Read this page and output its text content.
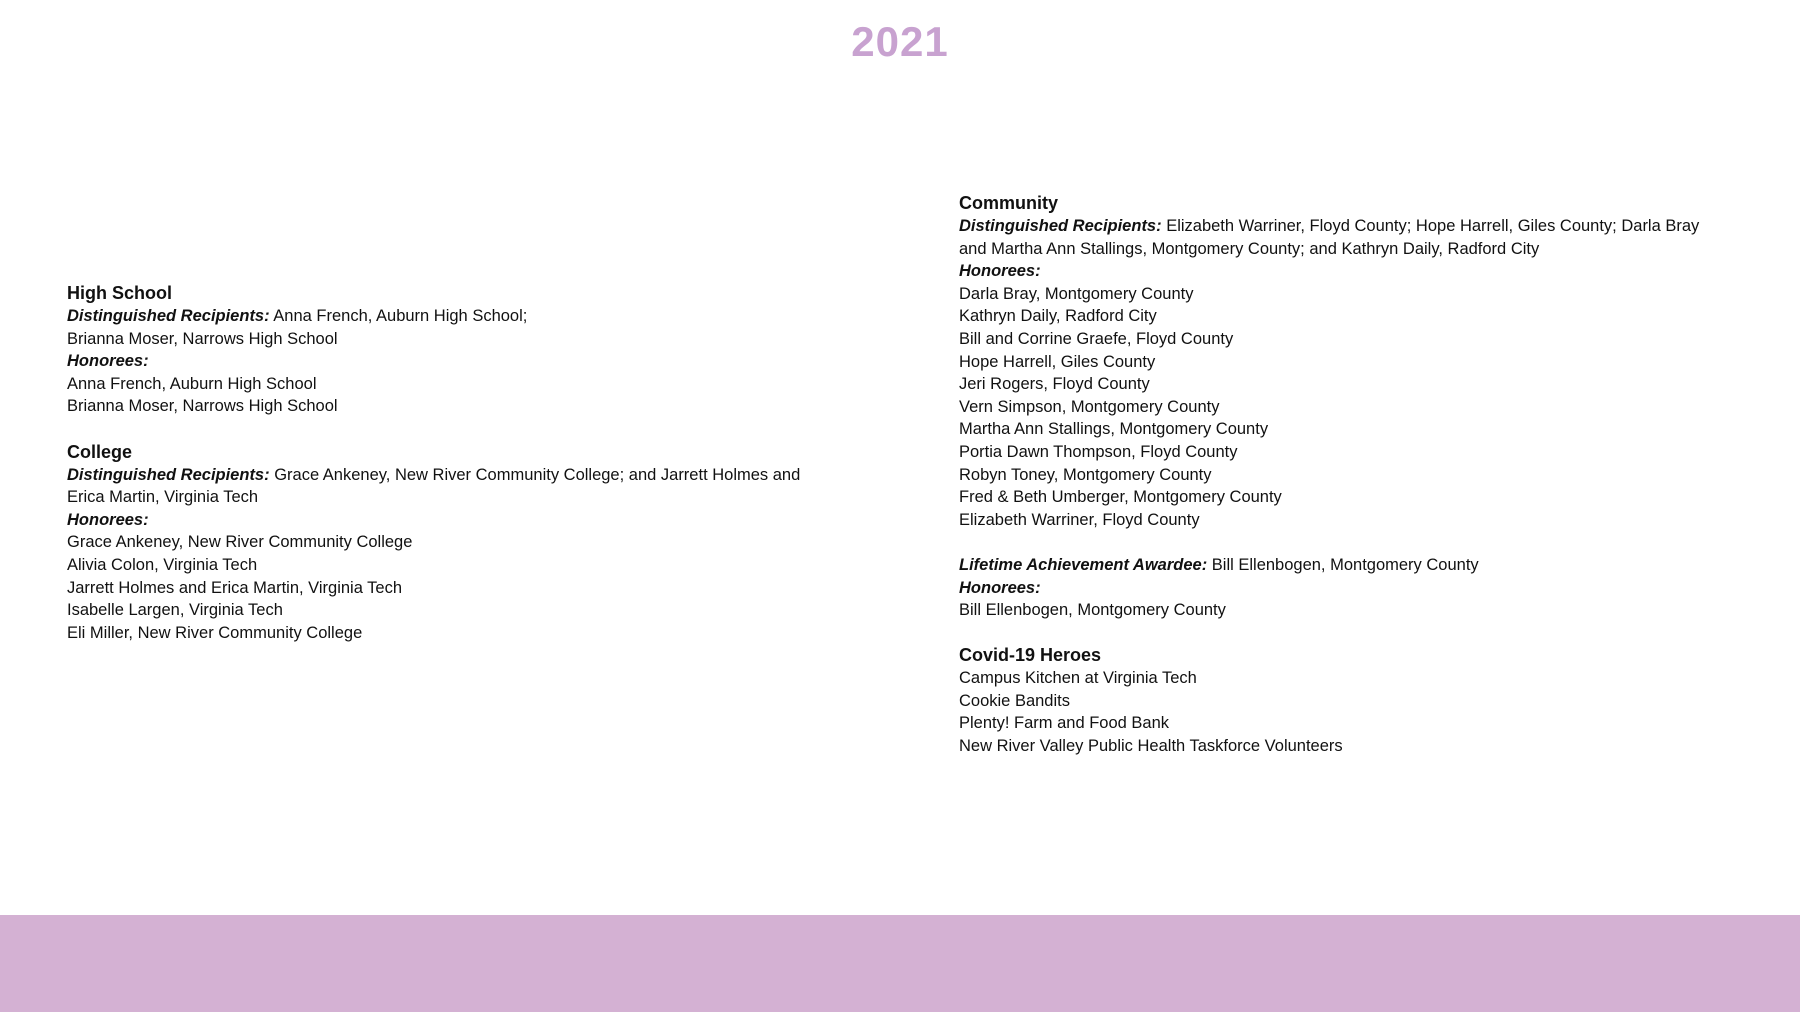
2021
High School
Distinguished Recipients: Anna French, Auburn High School;
Brianna Moser, Narrows High School
Honorees:
Anna French, Auburn High School
Brianna Moser, Narrows High School
College
Distinguished Recipients: Grace Ankeney, New River Community College; and Jarrett Holmes and
Erica Martin, Virginia Tech
Honorees:
Grace Ankeney, New River Community College
Alivia Colon, Virginia Tech
Jarrett Holmes and Erica Martin, Virginia Tech
Isabelle Largen, Virginia Tech
Eli Miller, New River Community College
Community
Distinguished Recipients: Elizabeth Warriner, Floyd County; Hope Harrell, Giles County; Darla Bray
and Martha Ann Stallings, Montgomery County; and Kathryn Daily, Radford City
Honorees:
Darla Bray, Montgomery County
Kathryn Daily, Radford City
Bill and Corrine Graefe, Floyd County
Hope Harrell, Giles County
Jeri Rogers, Floyd County
Vern Simpson, Montgomery County
Martha Ann Stallings, Montgomery County
Portia Dawn Thompson, Floyd County
Robyn Toney, Montgomery County
Fred & Beth Umberger, Montgomery County
Elizabeth Warriner, Floyd County
Lifetime Achievement Awardee: Bill Ellenbogen, Montgomery County
Honorees:
Bill Ellenbogen, Montgomery County
Covid-19 Heroes
Campus Kitchen at Virginia Tech
Cookie Bandits
Plenty! Farm and Food Bank
New River Valley Public Health Taskforce Volunteers
